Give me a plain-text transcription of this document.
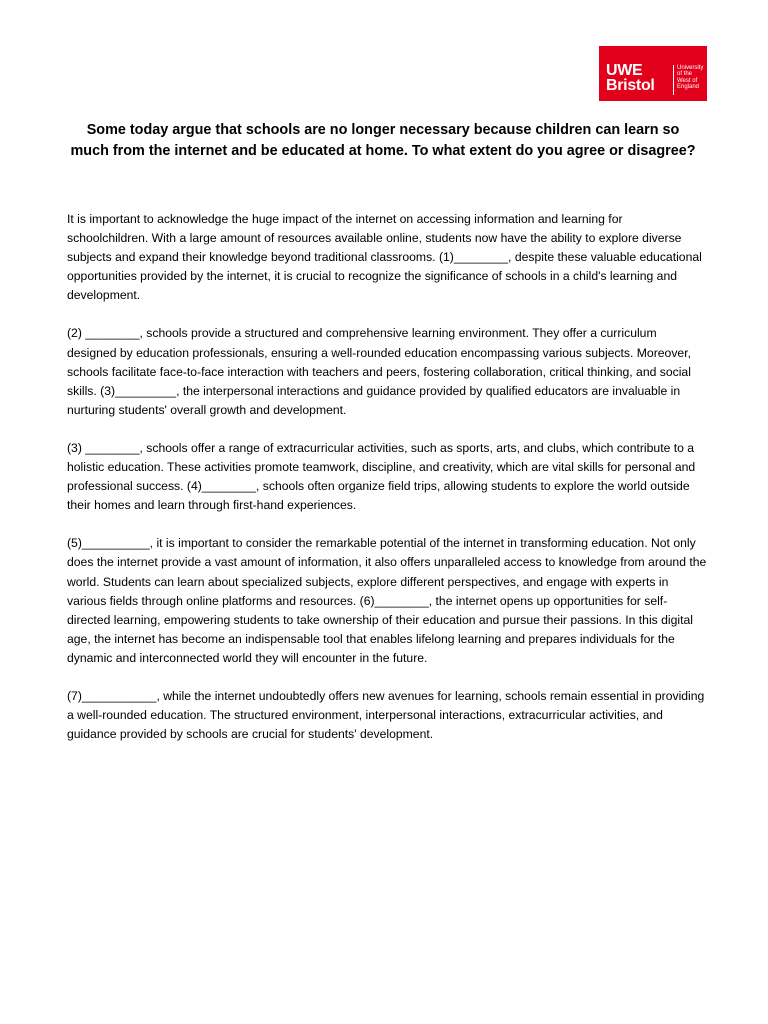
UWE
Bristol
University
of the
West of
England
Some today argue that schools are no longer necessary because children can learn so much from the internet and be educated at home. To what extent do you agree or disagree?

It is important to acknowledge the huge impact of the internet on accessing information and learning for schoolchildren. With a large amount of resources available online, students now have the ability to explore diverse subjects and expand their knowledge beyond traditional classrooms. (1)________, despite these valuable educational opportunities provided by the internet, it is crucial to recognize the significance of schools in a child's learning and development.

(2) ________, schools provide a structured and comprehensive learning environment. They offer a curriculum designed by education professionals, ensuring a well-rounded education encompassing various subjects. Moreover, schools facilitate face-to-face interaction with teachers and peers, fostering collaboration, critical thinking, and social skills. (3)_________, the interpersonal interactions and guidance provided by qualified educators are invaluable in nurturing students' overall growth and development.

(3) ________, schools offer a range of extracurricular activities, such as sports, arts, and clubs, which contribute to a holistic education. These activities promote teamwork, discipline, and creativity, which are vital skills for personal and professional success. (4)________, schools often organize field trips, allowing students to explore the world outside their homes and learn through first-hand experiences.

(5)__________, it is important to consider the remarkable potential of the internet in transforming education. Not only does the internet provide a vast amount of information, it also offers unparalleled access to knowledge from around the world. Students can learn about specialized subjects, explore different perspectives, and engage with experts in various fields through online platforms and resources. (6)________, the internet opens up opportunities for self-directed learning, empowering students to take ownership of their education and pursue their passions. In this digital age, the internet has become an indispensable tool that enables lifelong learning and prepares individuals for the dynamic and interconnected world they will encounter in the future.

(7)___________, while the internet undoubtedly offers new avenues for learning, schools remain essential in providing a well-rounded education. The structured environment, interpersonal interactions, extracurricular activities, and guidance provided by schools are crucial for students' development.
